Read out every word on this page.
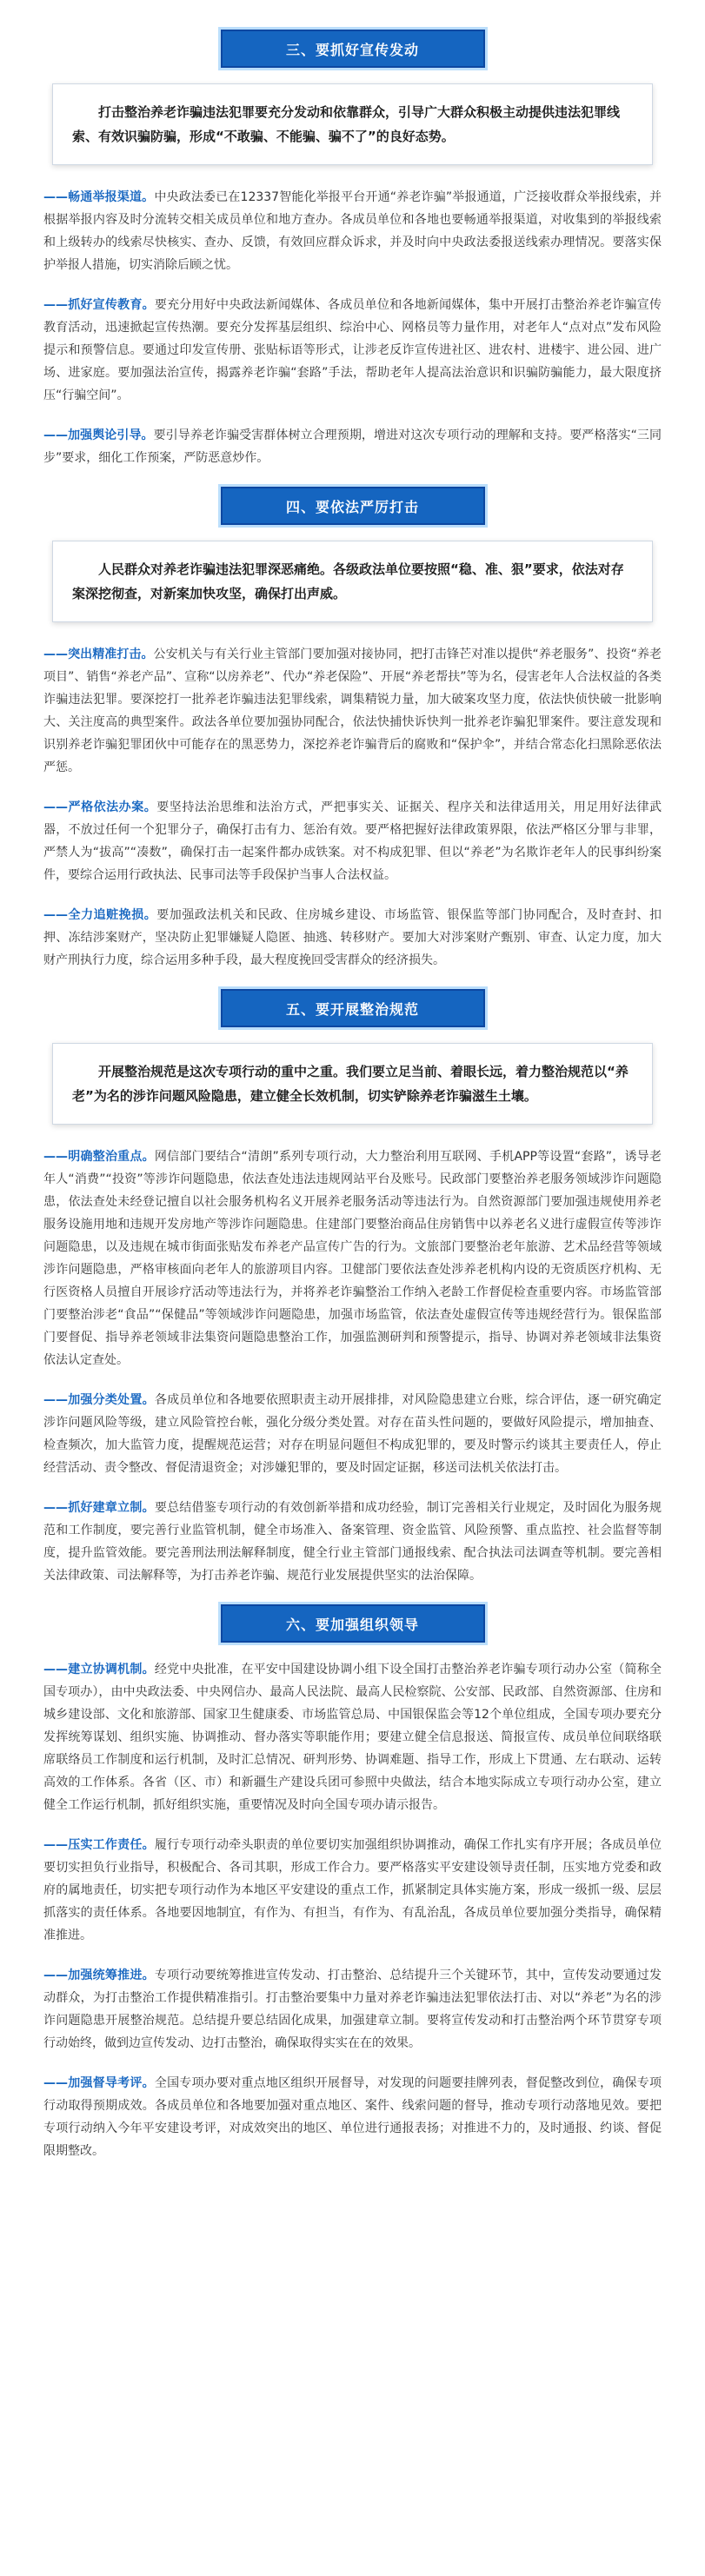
三、要抓好宣传发动
打击整治养老诈骗违法犯罪要充分发动和依靠群众，引导广大群众积极主动提供违法犯罪线索、有效识骗防骗，形成“不敢骗、不能骗、骗不了”的良好态势。
——畅通举报渠道。中央政法委已在12337智能化举报平台开通“养老诈骗”举报通道，广泛接收群众举报线索，并根据举报内容及时分流转交相关成员单位和地方查办。各成员单位和各地也要畅通举报渠道，对收集到的举报线索和上级转办的线索尽快核实、查办、反馈，有效回应群众诉求，并及时向中央政法委报送线索办理情况。要落实保护举报人措施，切实消除后顾之忧。
——抓好宣传教育。要充分用好中央政法新闻媒体、各成员单位和各地新闻媒体，集中开展打击整治养老诈骗宣传教育活动，迅速掀起宣传热潮。要充分发挥基层组织、综治中心、网格员等力量作用，对老年人“点对点”发布风险提示和预警信息。要通过印发宣传册、张贴标语等形式，让涉老反诈宣传进社区、进农村、进楼宇、进公园、进广场、进家庭。要加强法治宣传，揭露养老诈骗“套路”手法，帮助老年人提高法治意识和识骗防骗能力，最大限度挤压“行骗空间”。
——加强舆论引导。要引导养老诈骗受害群体树立合理预期，增进对这次专项行动的理解和支持。要严格落实“三同步”要求，细化工作预案，严防恶意炒作。
四、要依法严厉打击
人民群众对养老诈骗违法犯罪深恶痛绝。各级政法单位要按照“稳、准、狠”要求，依法对存案深挖彻查，对新案加快攻坚，确保打出声威。
——突出精准打击。公安机关与有关行业主管部门要加强对接协同，把打击锋芒对准以提供“养老服务”、投资“养老项目”、销售“养老产品”、宣称“以房养老”、代办“养老保险”、开展“养老帮扶”等为名，侵害老年人合法权益的各类诈骗违法犯罪。要深挖打一批养老诈骗违法犯罪线索，调集精锐力量，加大破案攻坚力度，依法快侦快破一批影响大、关注度高的典型案件。政法各单位要加强协同配合，依法快捕快诉快判一批养老诈骗犯罪案件。要注意发现和识别养老诈骗犯罪团伙中可能存在的黑恶势力，深挖养老诈骗背后的腐败和“保护伞”，并结合常态化扫黑除恶依法严惩。
——严格依法办案。要坚持法治思维和法治方式，严把事实关、证据关、程序关和法律适用关，用足用好法律武器，不放过任何一个犯罪分子，确保打击有力、惩治有效。要严格把握好法律政策界限，依法严格区分罪与非罪，严禁人为“拔高”“凑数”，确保打击一起案件都办成铁案。对不构成犯罪、但以“养老”为名欺诈老年人的民事纠纷案件，要综合运用行政执法、民事司法等手段保护当事人合法权益。
——全力追赃挽损。要加强政法机关和民政、住房城乡建设、市场监管、银保监等部门协同配合，及时查封、扣押、冻结涉案财产，坚决防止犯罪嫌疑人隐匿、抽逃、转移财产。要加大对涉案财产甄别、审查、认定力度，加大财产刑执行力度，综合运用多种手段，最大程度挽回受害群众的经济损失。
五、要开展整治规范
开展整治规范是这次专项行动的重中之重。我们要立足当前、着眼长远，着力整治规范以“养老”为名的涉诈问题风险隐患，建立健全长效机制，切实铲除养老诈骗滋生土壤。
——明确整治重点。网信部门要结合“清朗”系列专项行动，大力整治利用互联网、手机APP等设置“套路”，诱导老年人“消费”“投资”等涉诈问题隐患，依法查处违法违规网站平台及账号。民政部门要整治养老服务领域涉诈问题隐患，依法查处未经登记擅自以社会服务机构名义开展养老服务活动等违法行为。自然资源部门要加强违规使用养老服务设施用地和违规开发房地产等涉诈问题隐患。住建部门要整治商品住房销售中以养老名义进行虚假宣传等涉诈问题隐患，以及违规在城市街面张贴发布养老产品宣传广告的行为。文旅部门要整治老年旅游、艺术品经营等领域涉诈问题隐患，严格审核面向老年人的旅游项目内容。卫健部门要依法查处涉养老机构内设的无资质医疗机构、无行医资格人员擅自开展诊疗活动等违法行为，并将养老诈骗整治工作纳入老龄工作督促检查重要内容。市场监管部门要整治涉老“食品”“保健品”等领域涉诈问题隐患，加强市场监管，依法查处虚假宣传等违规经营行为。银保监部门要督促、指导养老领域非法集资问题隐患整治工作，加强监测研判和预警提示，指导、协调对养老领域非法集资依法认定查处。
——加强分类处置。各成员单位和各地要依照职责主动开展排排，对风险隐患建立台账，综合评估，逐一研究确定涉诈问题风险等级，建立风险管控台帐，强化分级分类处置。对存在苗头性问题的，要做好风险提示，增加抽查、检查频次，加大监管力度，提醒规范运营；对存在明显问题但不构成犯罪的，要及时警示约谈其主要责任人，停止经营活动、责令整改、督促清退资金；对涉嫌犯罪的，要及时固定证据，移送司法机关依法打击。
——抓好建章立制。要总结借鉴专项行动的有效创新举措和成功经验，制订完善相关行业规定，及时固化为服务规范和工作制度，要完善行业监管机制，健全市场准入、备案管理、资金监管、风险预警、重点监控、社会监督等制度，提升监管效能。要完善刑法刑法解释制度，健全行业主管部门通报线索、配合执法司法调查等机制。要完善相关法律政策、司法解释等，为打击养老诈骗、规范行业发展提供坚实的法治保障。
六、要加强组织领导
——建立协调机制。经党中央批准，在平安中国建设协调小组下设全国打击整治养老诈骗专项行动办公室（简称全国专项办），由中央政法委、中央网信办、最高人民法院、最高人民检察院、公安部、民政部、自然资源部、住房和城乡建设部、文化和旅游部、国家卫生健康委、市场监管总局、中国银保监会等12个单位组成，全国专项办要充分发挥统筹谋划、组织实施、协调推动、督办落实等职能作用；要建立健全信息报送、简报宣传、成员单位间联络联席联络员工作制度和运行机制，及时汇总情况、研判形势、协调难题、指导工作，形成上下贯通、左右联动、运转高效的工作体系。各省（区、市）和新疆生产建设兵团可参照中央做法，结合本地实际成立专项行动办公室，建立健全工作运行机制，抓好组织实施，重要情况及时向全国专项办请示报告。
——压实工作责任。履行专项行动牵头职责的单位要切实加强组织协调推动，确保工作扎实有序开展；各成员单位要切实担负行业指导，积极配合、各司其职，形成工作合力。要严格落实平安建设领导责任制，压实地方党委和政府的属地责任，切实把专项行动作为本地区平安建设的重点工作，抓紧制定具体实施方案，形成一级抓一级、层层抓落实的责任体系。各地要因地制宜，有作为、有担当，有作为、有乱治乱，各成员单位要加强分类指导，确保精准推进。
——加强统筹推进。专项行动要统筹推进宣传发动、打击整治、总结提升三个关键环节，其中，宣传发动要通过发动群众，为打击整治工作提供精准指引。打击整治要集中力量对养老诈骗违法犯罪依法打击、对以“养老”为名的涉诈问题隐患开展整治规范。总结提升要总结固化成果，加强建章立制。要将宣传发动和打击整治两个环节贯穿专项行动始终，做到边宣传发动、边打击整治，确保取得实实在在的效果。
——加强督导考评。全国专项办要对重点地区组织开展督导，对发现的问题要挂牌列表，督促整改到位，确保专项行动取得预期成效。各成员单位和各地要加强对重点地区、案件、线索问题的督导，推动专项行动落地见效。要把专项行动纳入今年平安建设考评，对成效突出的地区、单位进行通报表扬；对推进不力的，及时通报、约谈、督促限期整改。
